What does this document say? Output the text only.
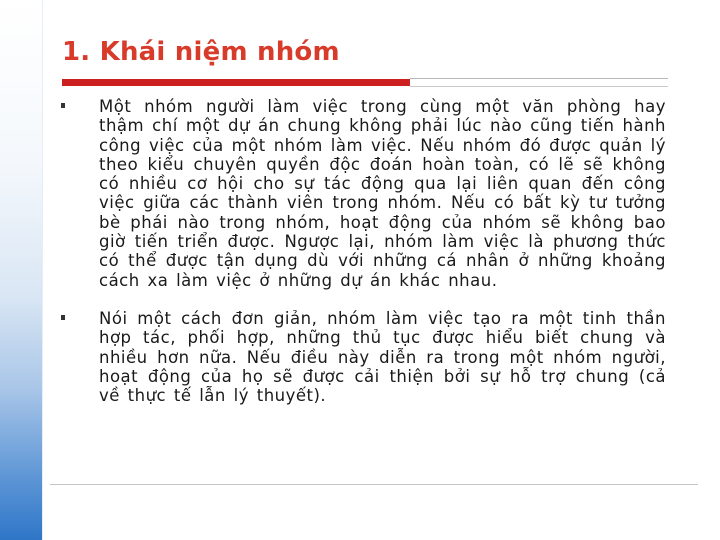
1. Khái niệm nhóm

Một nhóm người làm việc trong cùng một văn phòng hay thậm chí một dự án chung không phải lúc nào cũng tiến hành công việc của một nhóm làm việc. Nếu nhóm đó được quản lý theo kiểu chuyên quyền độc đoán hoàn toàn, có lẽ sẽ không có nhiều cơ hội cho sự tác động qua lại liên quan đến công việc giữa các thành viên trong nhóm. Nếu có bất kỳ tư tưởng bè phái nào trong nhóm, hoạt động của nhóm sẽ không bao giờ tiến triển được. Ngược lại, nhóm làm việc là phương thức có thể được tận dụng dù với những cá nhân ở những khoảng cách xa làm việc ở những dự án khác nhau.

Nói một cách đơn giản, nhóm làm việc tạo ra một tinh thần hợp tác, phối hợp, những thủ tục được hiểu biết chung và nhiều hơn nữa. Nếu điều này diễn ra trong một nhóm người, hoạt động của họ sẽ được cải thiện bởi sự hỗ trợ chung (cả về thực tế lẫn lý thuyết).
